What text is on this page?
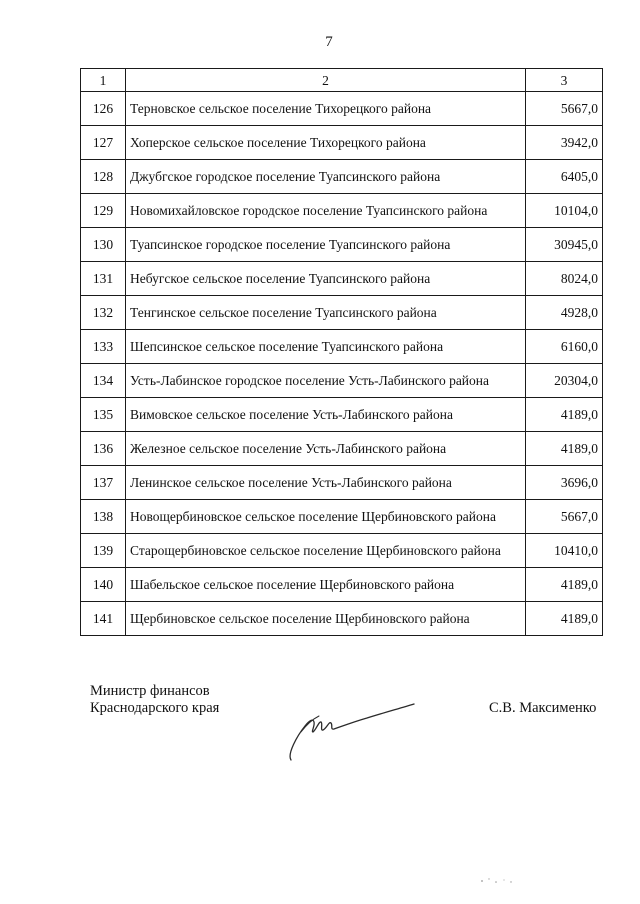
7
1	2	3
126	Терновское сельское поселение Тихорецкого района	5667,0
127	Хоперское сельское поселение Тихорецкого района	3942,0
128	Джубгское городское поселение Туапсинского района	6405,0
129	Новомихайловское городское поселение Туапсинского района	10104,0
130	Туапсинское городское поселение Туапсинского района	30945,0
131	Небугское сельское поселение Туапсинского района	8024,0
132	Тенгинское сельское поселение Туапсинского района	4928,0
133	Шепсинское сельское поселение Туапсинского района	6160,0
134	Усть-Лабинское городское поселение Усть-Лабинского района	20304,0
135	Вимовское сельское поселение Усть-Лабинского района	4189,0
136	Железное сельское поселение Усть-Лабинского района	4189,0
137	Ленинское сельское поселение Усть-Лабинского района	3696,0
138	Новощербиновское сельское поселение Щербиновского района	5667,0
139	Старощербиновское сельское поселение Щербиновского района	10410,0
140	Шабельское сельское поселение Щербиновского района	4189,0
141	Щербиновское сельское поселение Щербиновского района	4189,0
Министр финансов
Краснодарского края	С.В. Максименко
